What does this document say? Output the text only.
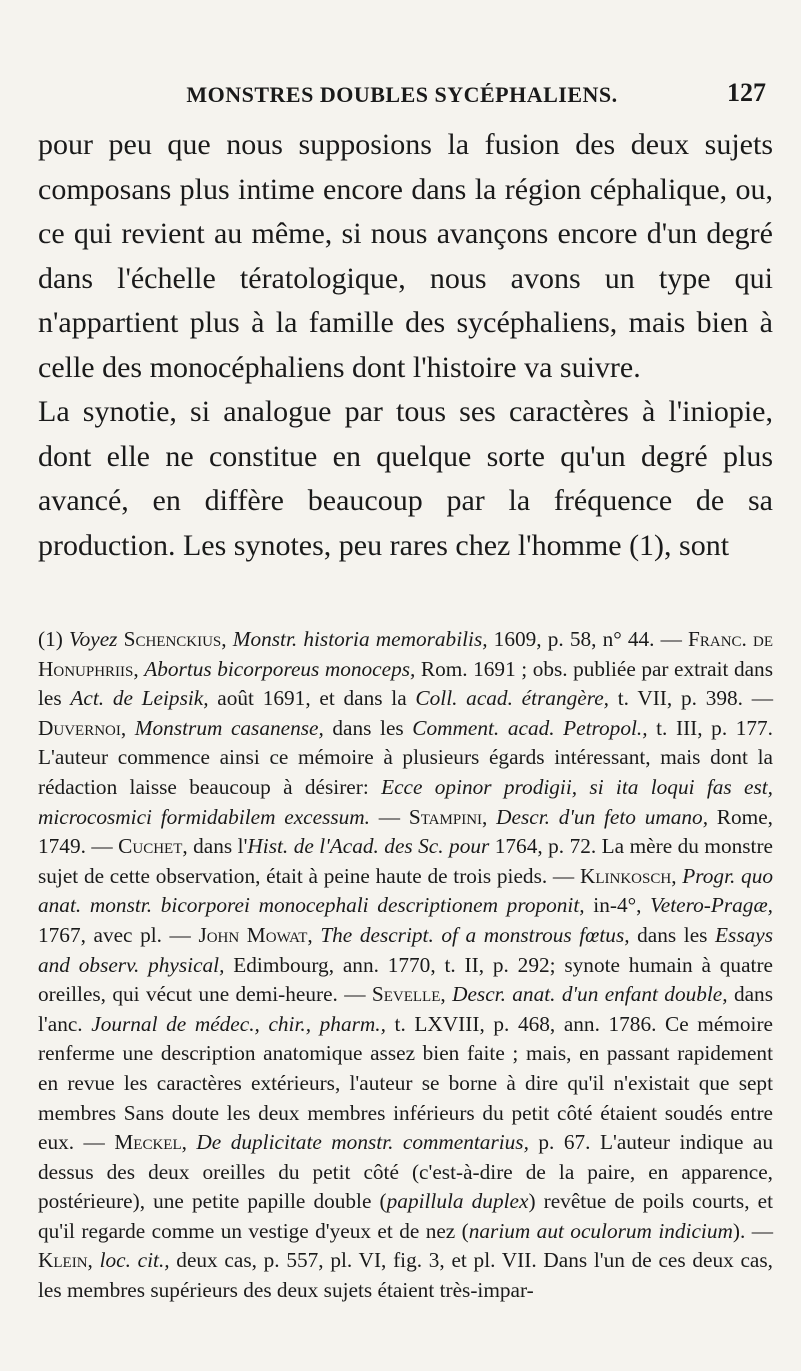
MONSTRES DOUBLES SYCÉPHALIENS.	127

pour peu que nous supposions la fusion des deux sujets composans plus intime encore dans la région céphalique, ou, ce qui revient au même, si nous avançons encore d'un degré dans l'échelle tératologique, nous avons un type qui n'appartient plus à la famille des sycéphaliens, mais bien à celle des monocéphaliens dont l'histoire va suivre.

La synotie, si analogue par tous ses caractères à l'iniopie, dont elle ne constitue en quelque sorte qu'un degré plus avancé, en diffère beaucoup par la fréquence de sa production. Les synotes, peu rares chez l'homme (1), sont

(1) Voyez Schenckius, Monstr. historia memorabilis, 1609, p. 58, n° 44. — Franc. de Honuphriis, Abortus bicorporeus monoceps, Rom. 1691 ; obs. publiée par extrait dans les Act. de Leipsik, août 1691, et dans la Coll. acad. étrangère, t. VII, p. 398. — Duvernoi, Monstrum casanense, dans les Comment. acad. Petropol., t. III, p. 177. L'auteur commence ainsi ce mémoire à plusieurs égards intéressant, mais dont la rédaction laisse beaucoup à désirer: Ecce opinor prodigii, si ita loqui fas est, microcosmici formidabilem excessum. — Stampini, Descr. d'un feto umano, Rome, 1749. — Cuchet, dans l'Hist. de l'Acad. des Sc. pour 1764, p. 72. La mère du monstre sujet de cette observation, était à peine haute de trois pieds. — Klinkosch, Progr. quo anat. monstr. bicorporei monocephali descriptionem proponit, in-4°, Vetero-Pragæ, 1767, avec pl. — John Mowat, The descript. of a monstrous fœtus, dans les Essays and observ. physical, Edimbourg, ann. 1770, t. II, p. 292; synote humain à quatre oreilles, qui vécut une demi-heure. — Sevelle, Descr. anat. d'un enfant double, dans l'anc. Journal de médec., chir., pharm., t. LXVIII, p. 468, ann. 1786. Ce mémoire renferme une description anatomique assez bien faite ; mais, en passant rapidement en revue les caractères extérieurs, l'auteur se borne à dire qu'il n'existait que sept membres Sans doute les deux membres inférieurs du petit côté étaient soudés entre eux. — Meckel, De duplicitate monstr. commentarius, p. 67. L'auteur indique au dessus des deux oreilles du petit côté (c'est-à-dire de la paire, en apparence, postérieure), une petite papille double (papillula duplex) revêtue de poils courts, et qu'il regarde comme un vestige d'yeux et de nez (narium aut oculorum indicium). — Klein, loc. cit., deux cas, p. 557, pl. VI, fig. 3, et pl. VII. Dans l'un de ces deux cas, les membres supérieurs des deux sujets étaient très-impar-
